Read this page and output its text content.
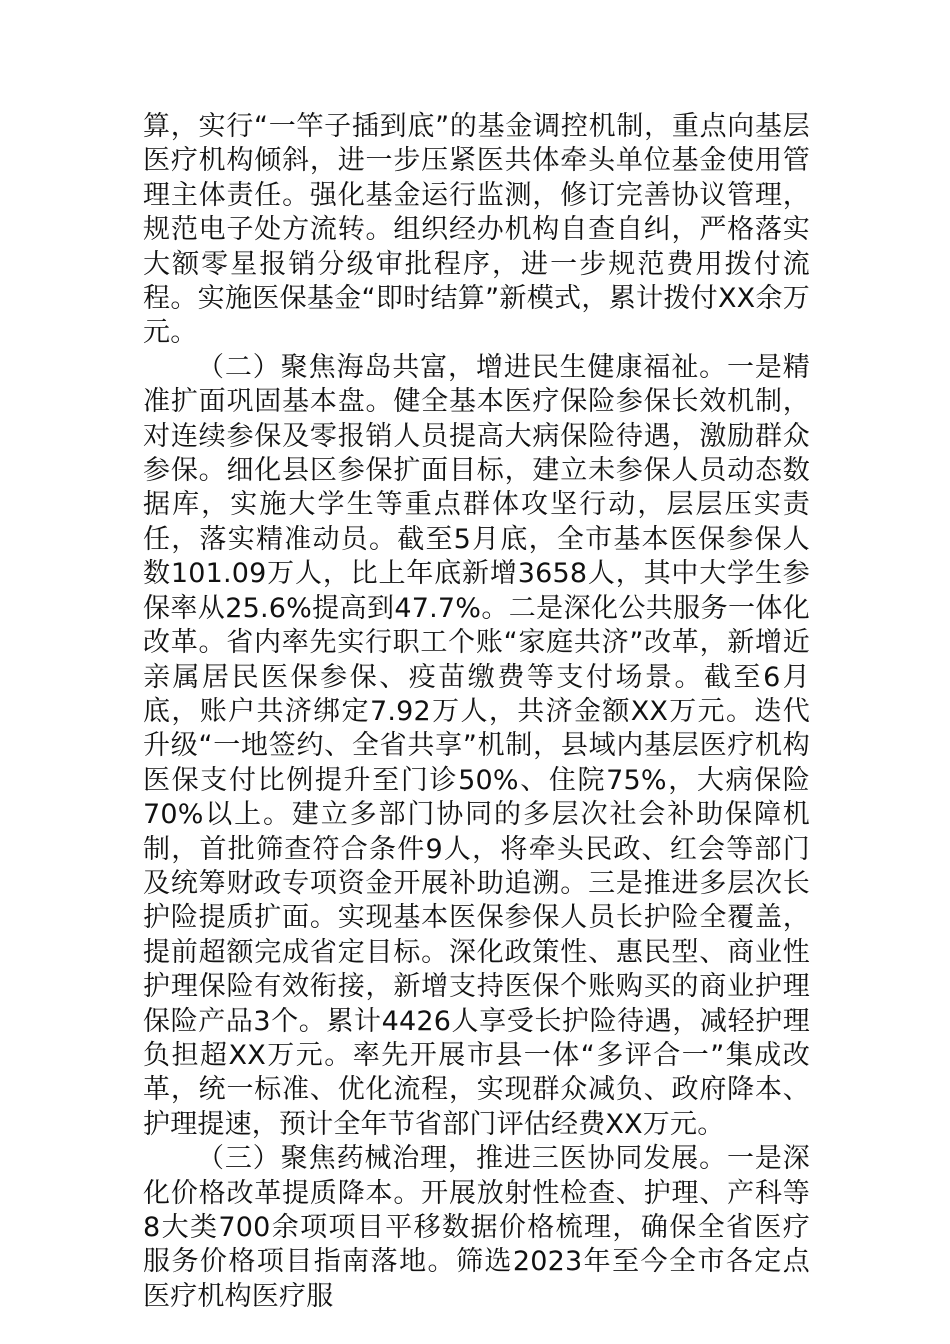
算，实行“一竿子插到底”的基金调控机制，重点向基层医疗机构倾斜，进一步压紧医共体牵头单位基金使用管理主体责任。强化基金运行监测，修订完善协议管理，规范电子处方流转。组织经办机构自查自纠，严格落实大额零星报销分级审批程序，进一步规范费用拨付流程。实施医保基金“即时结算”新模式，累计拨付XX余万元。

（二）聚焦海岛共富，增进民生健康福祉。一是精准扩面巩固基本盘。健全基本医疗保险参保长效机制，对连续参保及零报销人员提高大病保险待遇，激励群众参保。细化县区参保扩面目标，建立未参保人员动态数据库，实施大学生等重点群体攻坚行动，层层压实责任，落实精准动员。截至5月底，全市基本医保参保人数101.09万人，比上年底新增3658人，其中大学生参保率从25.6%提高到47.7%。二是深化公共服务一体化改革。省内率先实行职工个账“家庭共济”改革，新增近亲属居民医保参保、疫苗缴费等支付场景。截至6月底，账户共济绑定7.92万人，共济金额XX万元。迭代升级“一地签约、全省共享”机制，县域内基层医疗机构医保支付比例提升至门诊50%、住院75%，大病保险70%以上。建立多部门协同的多层次社会补助保障机制，首批筛查符合条件9人，将牵头民政、红会等部门及统筹财政专项资金开展补助追溯。三是推进多层次长护险提质扩面。实现基本医保参保人员长护险全覆盖，提前超额完成省定目标。深化政策性、惠民型、商业性护理保险有效衔接，新增支持医保个账购买的商业护理保险产品3个。累计4426人享受长护险待遇，减轻护理负担超XX万元。率先开展市县一体“多评合一”集成改革，统一标准、优化流程，实现群众减负、政府降本、护理提速，预计全年节省部门评估经费XX万元。

（三）聚焦药械治理，推进三医协同发展。一是深化价格改革提质降本。开展放射性检查、护理、产科等8大类700余项项目平移数据价格梳理，确保全省医疗服务价格项目指南落地。筛选2023年至今全市各定点医疗机构医疗服
